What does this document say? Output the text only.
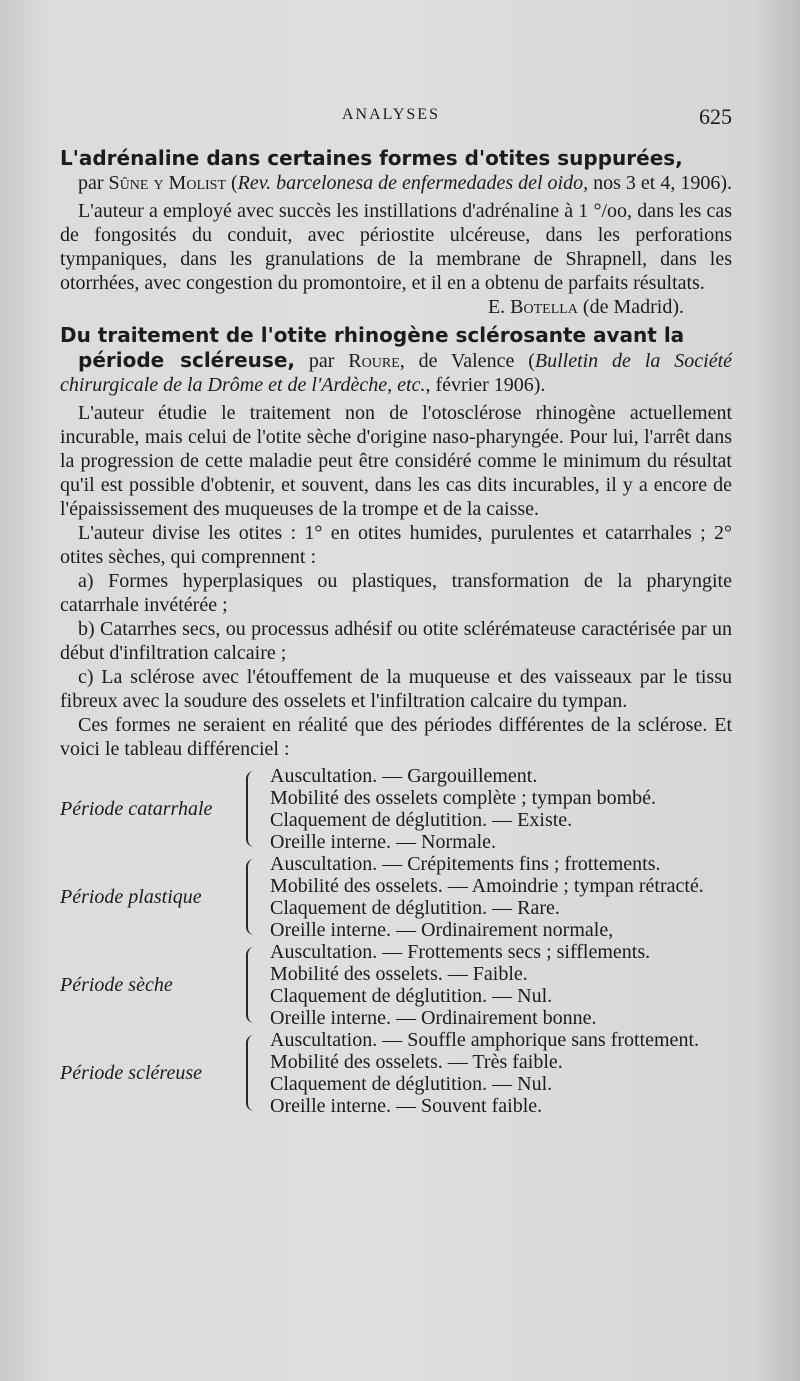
ANALYSES	625

L'adrénaline dans certaines formes d'otites suppurées,
par Sûne y Molist (Rev. barcelonesa de enfermedades del oido, nos 3 et 4, 1906).

L'auteur a employé avec succès les instillations d'adrénaline à 1 °/oo, dans les cas de fongosités du conduit, avec périostite ulcéreuse, dans les perforations tympaniques, dans les granulations de la membrane de Shrapnell, dans les otorrhées, avec congestion du promontoire, et il en a obtenu de parfaits résultats.

E. Botella (de Madrid).

Du traitement de l'otite rhinogène sclérosante avant la
période scléreuse, par Roure, de Valence (Bulletin de la Société chirurgicale de la Drôme et de l'Ardèche, etc., février 1906).

L'auteur étudie le traitement non de l'otosclérose rhinogène actuellement incurable, mais celui de l'otite sèche d'origine naso-pharyngée. Pour lui, l'arrêt dans la progression de cette maladie peut être considéré comme le minimum du résultat qu'il est possible d'obtenir, et souvent, dans les cas dits incurables, il y a encore de l'épaississement des muqueuses de la trompe et de la caisse.

L'auteur divise les otites : 1° en otites humides, purulentes et catarrhales ; 2° otites sèches, qui comprennent :

a) Formes hyperplasiques ou plastiques, transformation de la pharyngite catarrhale invétérée ;

b) Catarrhes secs, ou processus adhésif ou otite sclérémateuse caractérisée par un début d'infiltration calcaire ;

c) La sclérose avec l'étouffement de la muqueuse et des vaisseaux par le tissu fibreux avec la soudure des osselets et l'infiltration calcaire du tympan.

Ces formes ne seraient en réalité que des périodes différentes de la sclérose. Et voici le tableau différenciel :

Période catarrhale

Auscultation. — Gargouillement.

Mobilité des osselets complète ; tympan bombé.

Claquement de déglutition. — Existe.

Oreille interne. — Normale.

Période plastique

Auscultation. — Crépitements fins ; frottements.

Mobilité des osselets. — Amoindrie ; tympan rétracté.

Claquement de déglutition. — Rare.

Oreille interne. — Ordinairement normale,

Période sèche

Auscultation. — Frottements secs ; sifflements.

Mobilité des osselets. — Faible.

Claquement de déglutition. — Nul.

Oreille interne. — Ordinairement bonne.

Période scléreuse

Auscultation. — Souffle amphorique sans frottement.

Mobilité des osselets. — Très faible.

Claquement de déglutition. — Nul.

Oreille interne. — Souvent faible.
